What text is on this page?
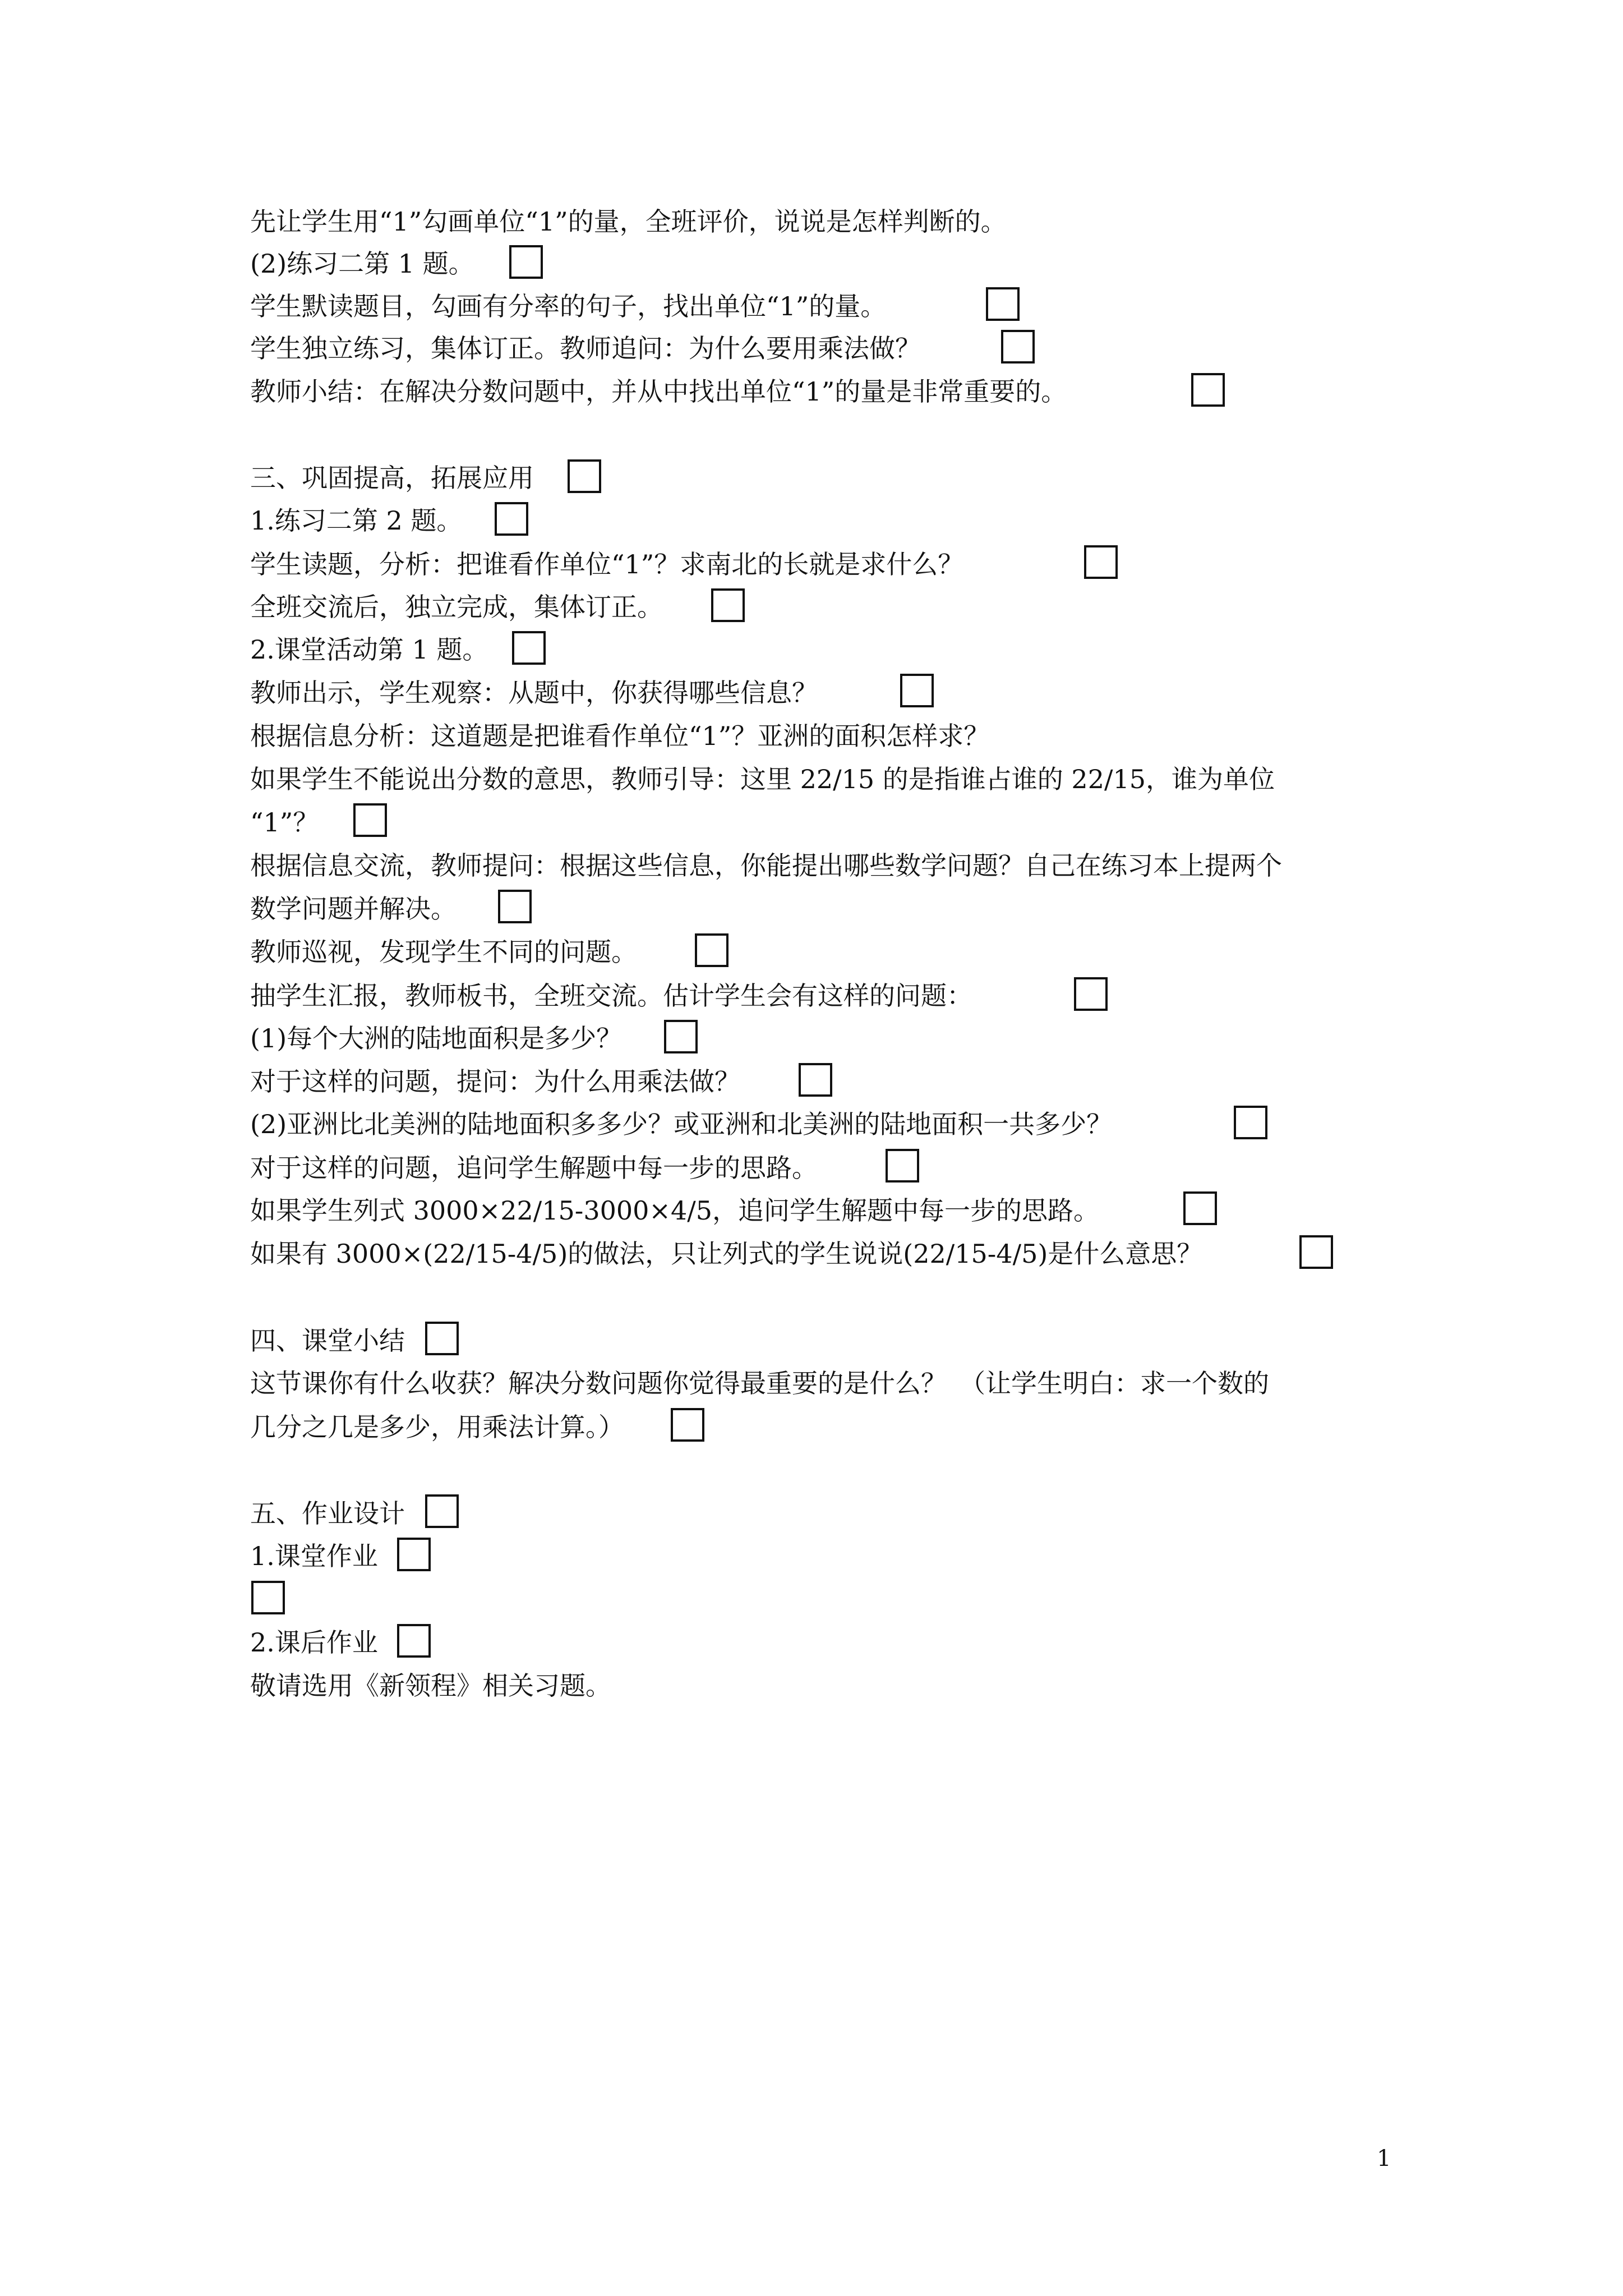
先让学生用“1”勾画单位“1”的量，全班评价，说说是怎样判断的。
(2)练习二第 1 题。
学生默读题目，勾画有分率的句子，找出单位“1”的量。
学生独立练习，集体订正。教师追问：为什么要用乘法做？
教师小结：在解决分数问题中，并从中找出单位“1”的量是非常重要的。
三、巩固提高，拓展应用
1.练习二第 2 题。
学生读题，分析：把谁看作单位“1”？求南北的长就是求什么？
全班交流后，独立完成，集体订正。
2.课堂活动第 1 题。
教师出示，学生观察：从题中，你获得哪些信息？
根据信息分析：这道题是把谁看作单位“1”？亚洲的面积怎样求？
如果学生不能说出分数的意思，教师引导：这里 22/15 的是指谁占谁的 22/15，谁为单位
“1”？
根据信息交流，教师提问：根据这些信息，你能提出哪些数学问题？自己在练习本上提两个
数学问题并解决。
教师巡视，发现学生不同的问题。
抽学生汇报，教师板书，全班交流。估计学生会有这样的问题：
(1)每个大洲的陆地面积是多少？
对于这样的问题，提问：为什么用乘法做？
(2)亚洲比北美洲的陆地面积多多少？或亚洲和北美洲的陆地面积一共多少？
对于这样的问题，追问学生解题中每一步的思路。
如果学生列式 3000×22/15-3000×4/5，追问学生解题中每一步的思路。
如果有 3000×(22/15-4/5)的做法，只让列式的学生说说(22/15-4/5)是什么意思？
四、课堂小结
这节课你有什么收获？解决分数问题你觉得最重要的是什么？　（让学生明白：求一个数的
几分之几是多少，用乘法计算。）
五、作业设计
1.课堂作业
2.课后作业
敬请选用《新领程》相关习题。
1
